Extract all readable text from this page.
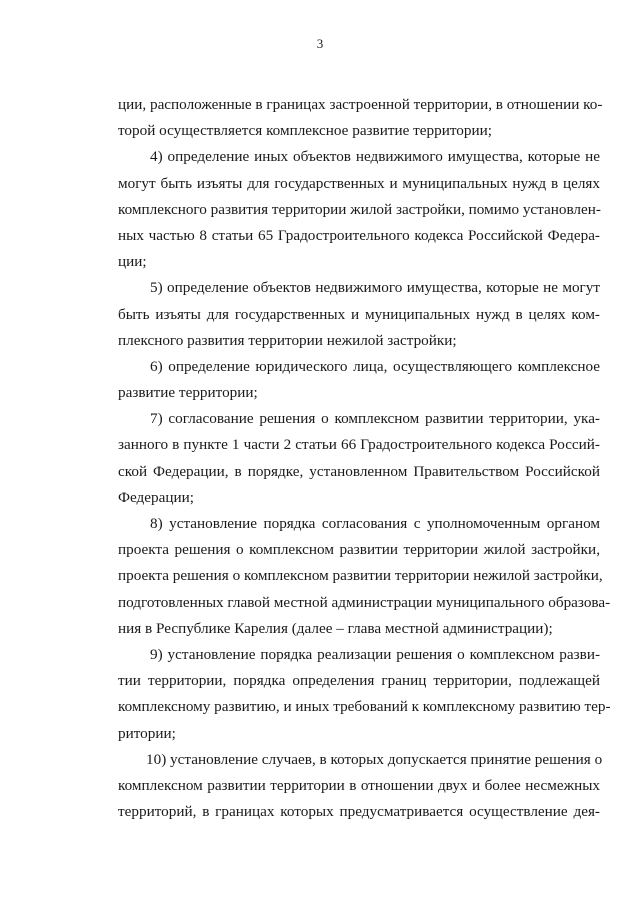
3
ции, расположенные в границах застроенной территории, в отношении ко-
торой осуществляется комплексное развитие территории;
4) определение иных объектов недвижимого имущества, которые не
могут быть изъяты для государственных и муниципальных нужд в целях
комплексного развития территории жилой застройки, помимо установлен-
ных частью 8 статьи 65 Градостроительного кодекса Российской Федера-
ции;
5) определение объектов недвижимого имущества, которые не могут
быть изъяты для государственных и муниципальных нужд в целях ком-
плексного развития территории нежилой застройки;
6) определение юридического лица, осуществляющего комплексное
развитие территории;
7) согласование решения о комплексном развитии территории, ука-
занного в пункте 1 части 2 статьи 66 Градостроительного кодекса Россий-
ской Федерации, в порядке, установленном Правительством Российской
Федерации;
8) установление порядка согласования с уполномоченным органом
проекта решения о комплексном развитии территории жилой застройки,
проекта решения о комплексном развитии территории нежилой застройки,
подготовленных главой местной администрации муниципального образова-
ния в Республике Карелия (далее – глава местной администрации);
9) установление порядка реализации решения о комплексном разви-
тии территории, порядка определения границ территории, подлежащей
комплексному развитию, и иных требований к комплексному развитию тер-
ритории;
10) установление случаев, в которых допускается принятие решения о
комплексном развитии территории в отношении двух и более несмежных
территорий, в границах которых предусматривается осуществление дея-
